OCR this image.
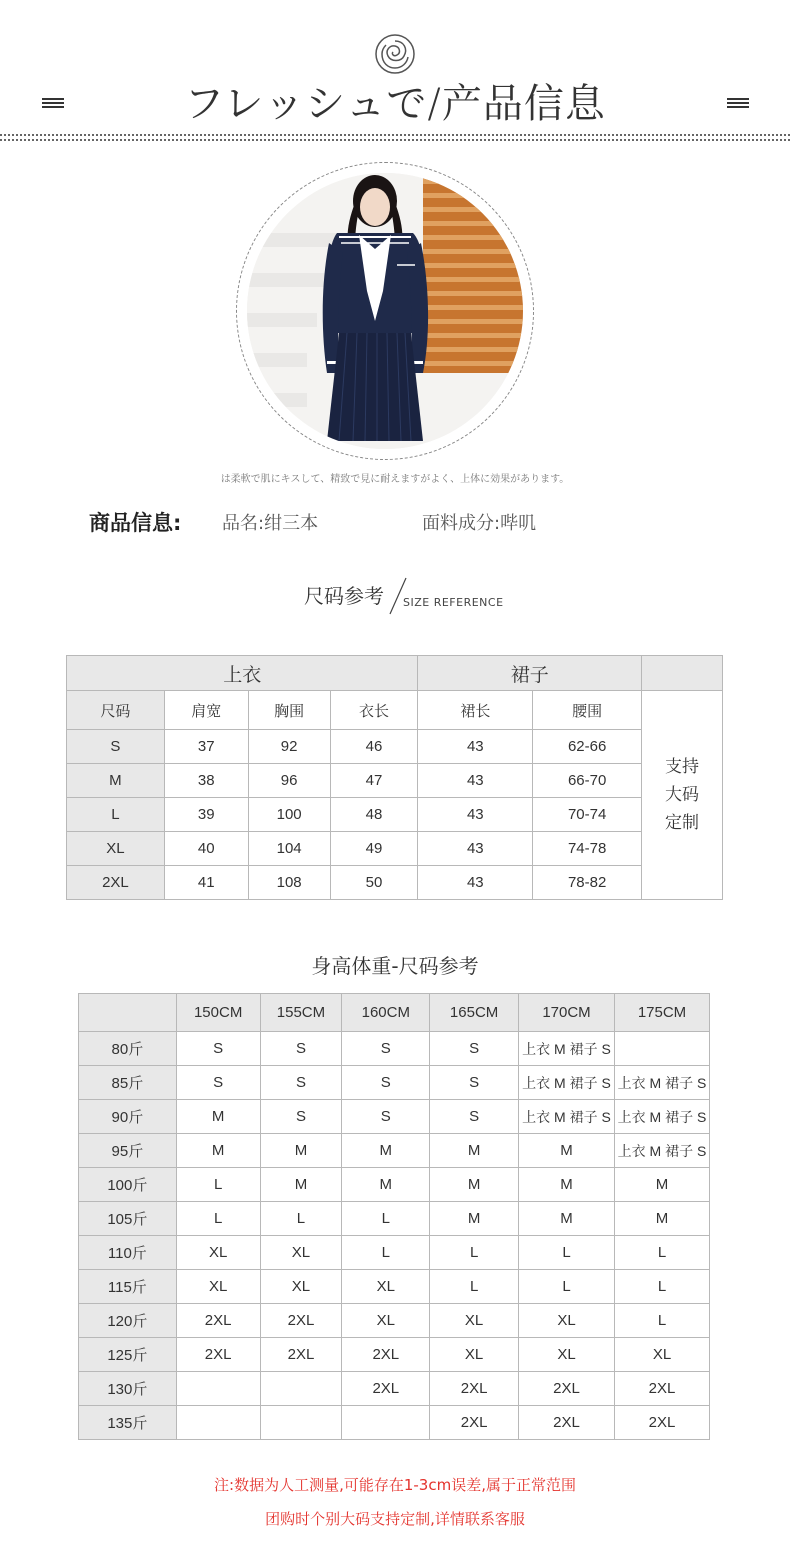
フレッシュで/产品信息
は柔軟で肌にキスして、精致で見に耐えますがよく、上体に効果があります。
商品信息: 品名:绀三本	面料成分:哔叽
尺码参考 SIZE REFERENCE
上衣				裙子		
尺码	肩宽	胸围	衣长	裙长	腰围	支持大码定制
S	37	92	46	43	62-66	
M	38	96	47	43	66-70	
L	39	100	48	43	70-74	
XL	40	104	49	43	74-78	
2XL	41	108	50	43	78-82	
身高体重-尺码参考
	150CM	155CM	160CM	165CM	170CM	175CM
80斤	S	S	S	S	上衣 M 裙子 S	
85斤	S	S	S	S	上衣 M 裙子 S	上衣 M 裙子 S
90斤	M	S	S	S	上衣 M 裙子 S	上衣 M 裙子 S
95斤	M	M	M	M	M	上衣 M 裙子 S
100斤	L	M	M	M	M	M
105斤	L	L	L	M	M	M
110斤	XL	XL	L	L	L	L
115斤	XL	XL	XL	L	L	L
120斤	2XL	2XL	XL	XL	XL	L
125斤	2XL	2XL	2XL	XL	XL	XL
130斤			2XL	2XL	2XL	2XL
135斤				2XL	2XL	2XL
注:数据为人工测量,可能存在1-3cm误差,属于正常范围
团购时个别大码支持定制,详情联系客服
